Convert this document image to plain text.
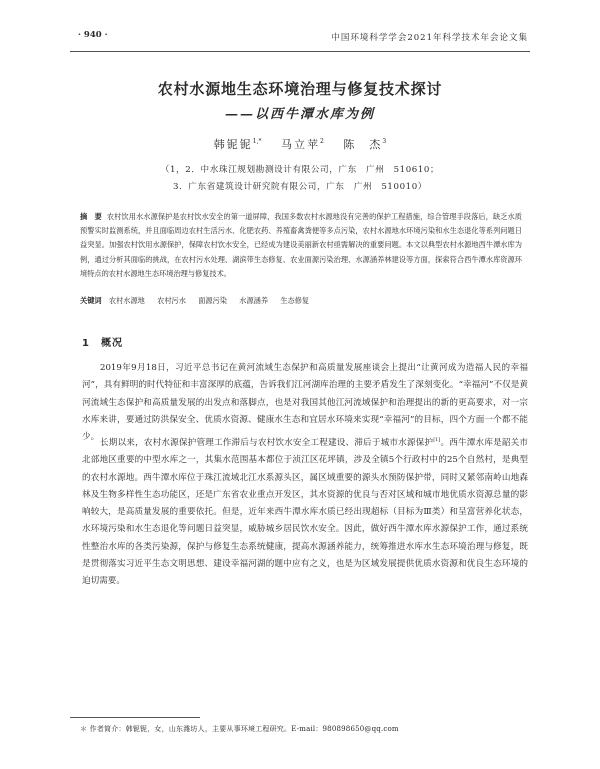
· 940 ·	中国环境科学学会2021年科学技术年会论文集
农村水源地生态环境治理与修复技术探讨
——以西牛潭水库为例
韩铌铌$^{1,*}$ 马立苹$^2$ 陈　杰$^3$
（1，2．中水珠江规划勘测设计有限公司，广东　广州　510610；
3．广东省建筑设计研究院有限公司，广东　广州　510010）
摘　要 农村饮用水水源保护是农村饮水安全的第一道屏障，我国多数农村水源地没有完善的保护工程措施，综合管理手段落后，缺乏水质预警实时监测系统，并且面临周边农村生活污水、化肥农药、养殖畜禽粪便等多点污染，农村水源地水环境污染和水生态退化等系列问题日益突显。加强农村饮用水源保护，保障农村饮水安全，已经成为建设美丽新农村亟需解决的重要问题。本文以典型农村水源地西牛潭水库为例，通过分析其面临的挑战，在农村污水处理、湖滨带生态修复、农业面源污染治理、水源涵养林建设等方面，探索符合西牛潭水库资源环境特点的农村水源地生态环境治理与修复技术。
关键词 农村水源地 农村污水 面源污染 水源涵养 生态修复
1　 概况
2019年9月18日，习近平总书记在黄河流域生态保护和高质量发展座谈会上提出“让黄河成为造福人民的幸福河”，具有鲜明的时代特征和丰富深厚的底蕴，告诉我们江河湖库治理的主要矛盾发生了深刻变化。“幸福河”不仅是黄河流域生态保护和高质量发展的出发点和落脚点，也是对我国其他江河流域保护和治理提出的新的更高要求，对一宗水库来讲，要通过防洪保安全、优质水资源、健康水生态和宜居水环境来实现“幸福河”的目标，四个方面一个都不能少。
长期以来，农村水源保护管理工作滞后与农村饮水安全工程建设、滞后于城市水源保护[1]。西牛潭水库是韶关市北部地区重要的中型水库之一，其集水范围基本都位于浈江区花坪镇，涉及全镇5个行政村中的25个自然村，是典型的农村水源地。西牛潭水库位于珠江流域北江水系源头区，属区域重要的源头水预防保护带，同时又紧邻南岭山地森林及生物多样性生态功能区，还是广东省农业重点开发区，其水资源的优良与否对区域和城市地优质水资源总量的影响较大，是高质量发展的重要依托。但是，近年来西牛潭水库水质已经出现超标（目标为Ⅲ类）和呈富营养化状态，水环境污染和水生态退化等问题日益突显，威胁城乡居民饮水安全。因此，做好西牛潭水库水源保护工作，通过系统性整治水库的各类污染源，保护与修复生态系统健康，提高水源涵养能力，统筹推进水库水生态环境治理与修复，既是贯彻落实习近平生态文明思想、建设幸福河湖的题中应有之义，也是为区域发展提供优质水资源和优良生态环境的迫切需要。
＊ 作者简介：韩铌铌，女，山东潍坊人，主要从事环境工程研究。E-mail：980898650@qq.com
